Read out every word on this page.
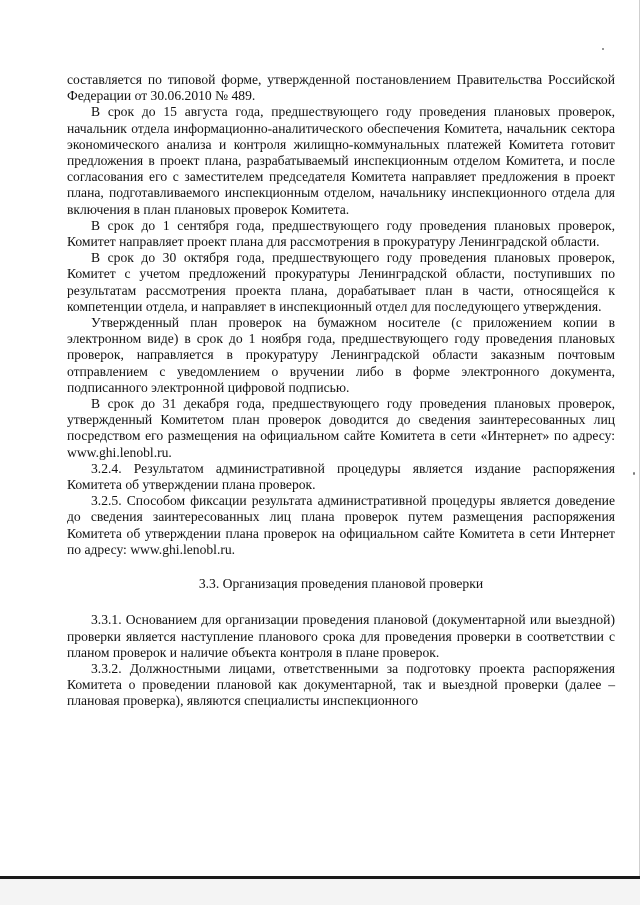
составляется по типовой форме, утвержденной постановлением Правительства Российской Федерации от 30.06.2010 № 489.

В срок до 15 августа года, предшествующего году проведения плановых проверок, начальник отдела информационно-аналитического обеспечения Комитета, начальник сектора экономического анализа и контроля жилищно-коммунальных платежей Комитета готовит предложения в проект плана, разрабатываемый инспекционным отделом Комитета, и после согласования его с заместителем председателя Комитета направляет предложения в проект плана, подготавливаемого инспекционным отделом, начальнику инспекционного отдела для включения в план плановых проверок Комитета.

В срок до 1 сентября года, предшествующего году проведения плановых проверок, Комитет направляет проект плана для рассмотрения в прокуратуру Ленинградской области.

В срок до 30 октября года, предшествующего году проведения плановых проверок, Комитет с учетом предложений прокуратуры Ленинградской области, поступивших по результатам рассмотрения проекта плана, дорабатывает план в части, относящейся к компетенции отдела, и направляет в инспекционный отдел для последующего утверждения.

Утвержденный план проверок на бумажном носителе (с приложением копии в электронном виде) в срок до 1 ноября года, предшествующего году проведения плановых проверок, направляется в прокуратуру Ленинградской области заказным почтовым отправлением с уведомлением о вручении либо в форме электронного документа, подписанного электронной цифровой подписью.

В срок до 31 декабря года, предшествующего году проведения плановых проверок, утвержденный Комитетом план проверок доводится до сведения заинтересованных лиц посредством его размещения на официальном сайте Комитета в сети «Интернет» по адресу: www.ghi.lenobl.ru.

3.2.4. Результатом административной процедуры является издание распоряжения Комитета об утверждении плана проверок.

3.2.5. Способом фиксации результата административной процедуры является доведение до сведения заинтересованных лиц плана проверок путем размещения распоряжения Комитета об утверждении плана проверок на официальном сайте Комитета в сети Интернет по адресу: www.ghi.lenobl.ru.

3.3. Организация проведения плановой проверки

3.3.1. Основанием для организации проведения плановой (документарной или выездной) проверки является наступление планового срока для проведения проверки в соответствии с планом проверок и наличие объекта контроля в плане проверок.

3.3.2. Должностными лицами, ответственными за подготовку проекта распоряжения Комитета о проведении плановой как документарной, так и выездной проверки (далее – плановая проверка), являются специалисты инспекционного
